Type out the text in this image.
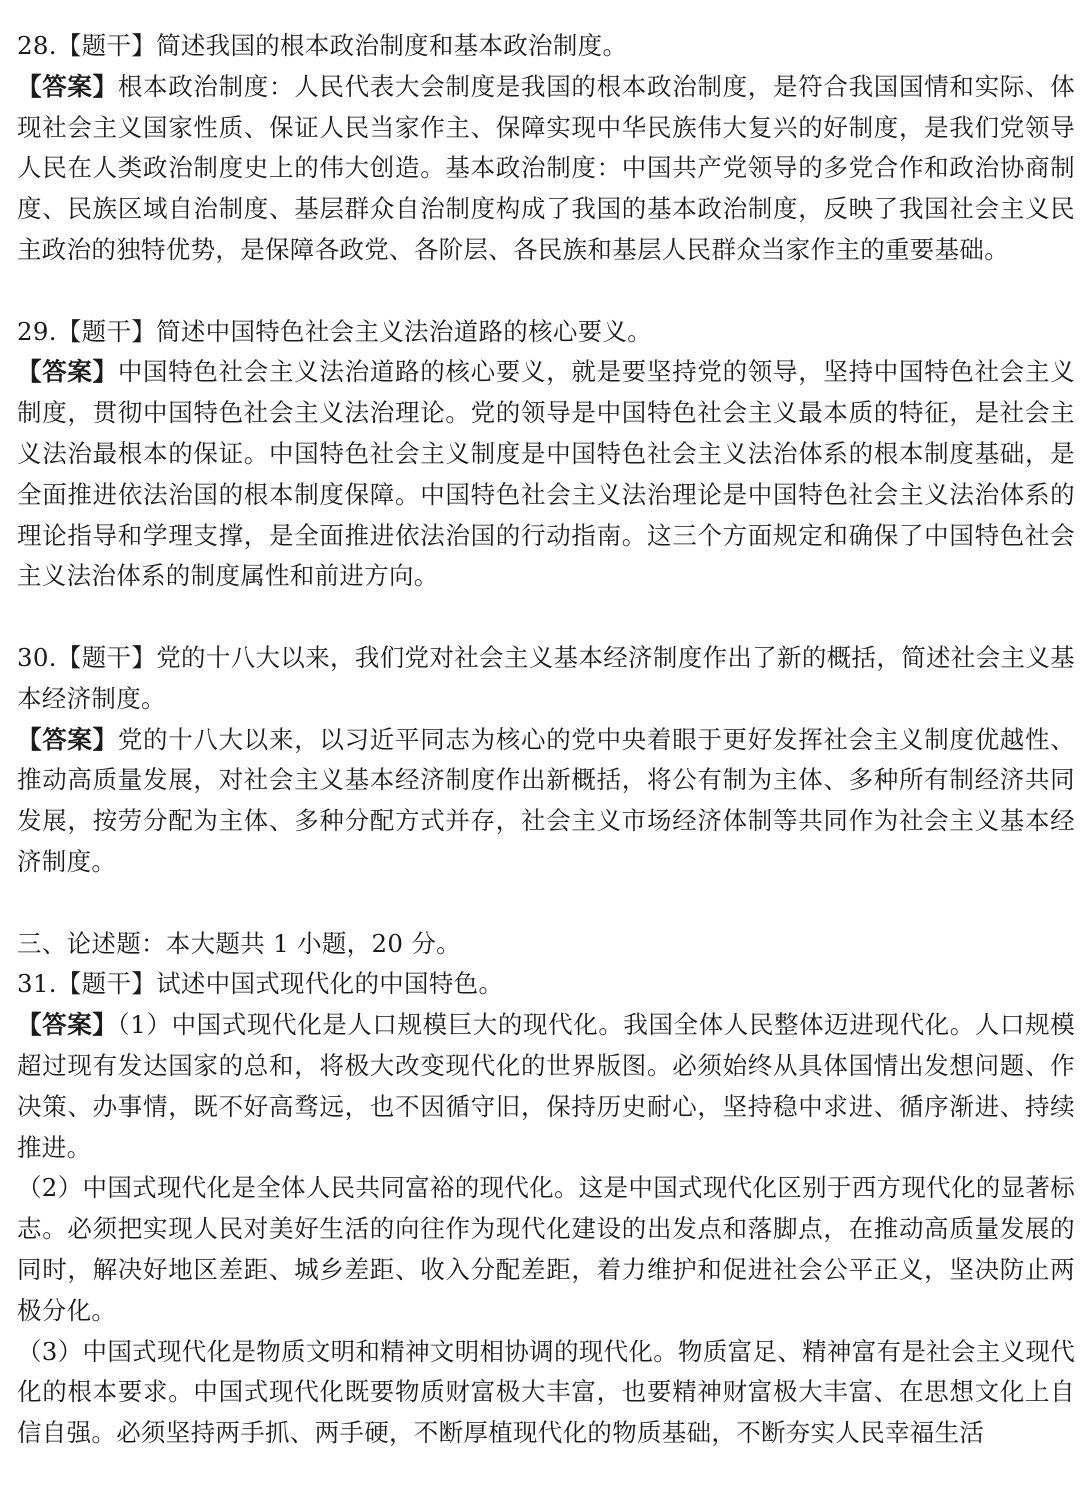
28.【题干】简述我国的根本政治制度和基本政治制度。

【答案】根本政治制度：人民代表大会制度是我国的根本政治制度，是符合我国国情和实际、体现社会主义国家性质、保证人民当家作主、保障实现中华民族伟大复兴的好制度，是我们党领导人民在人类政治制度史上的伟大创造。基本政治制度：中国共产党领导的多党合作和政治协商制度、民族区域自治制度、基层群众自治制度构成了我国的基本政治制度，反映了我国社会主义民主政治的独特优势，是保障各政党、各阶层、各民族和基层人民群众当家作主的重要基础。

29.【题干】简述中国特色社会主义法治道路的核心要义。

【答案】中国特色社会主义法治道路的核心要义，就是要坚持党的领导，坚持中国特色社会主义制度，贯彻中国特色社会主义法治理论。党的领导是中国特色社会主义最本质的特征，是社会主义法治最根本的保证。中国特色社会主义制度是中国特色社会主义法治体系的根本制度基础，是全面推进依法治国的根本制度保障。中国特色社会主义法治理论是中国特色社会主义法治体系的理论指导和学理支撑，是全面推进依法治国的行动指南。这三个方面规定和确保了中国特色社会主义法治体系的制度属性和前进方向。

30.【题干】党的十八大以来，我们党对社会主义基本经济制度作出了新的概括，简述社会主义基本经济制度。

【答案】党的十八大以来，以习近平同志为核心的党中央着眼于更好发挥社会主义制度优越性、推动高质量发展，对社会主义基本经济制度作出新概括，将公有制为主体、多种所有制经济共同发展，按劳分配为主体、多种分配方式并存，社会主义市场经济体制等共同作为社会主义基本经济制度。

三、论述题：本大题共 1 小题，20 分。

31.【题干】试述中国式现代化的中国特色。

【答案】（1）中国式现代化是人口规模巨大的现代化。我国全体人民整体迈进现代化。人口规模超过现有发达国家的总和，将极大改变现代化的世界版图。必须始终从具体国情出发想问题、作决策、办事情，既不好高骛远，也不因循守旧，保持历史耐心，坚持稳中求进、循序渐进、持续推进。

（2）中国式现代化是全体人民共同富裕的现代化。这是中国式现代化区别于西方现代化的显著标志。必须把实现人民对美好生活的向往作为现代化建设的出发点和落脚点，在推动高质量发展的同时，解决好地区差距、城乡差距、收入分配差距，着力维护和促进社会公平正义，坚决防止两极分化。

（3）中国式现代化是物质文明和精神文明相协调的现代化。物质富足、精神富有是社会主义现代化的根本要求。中国式现代化既要物质财富极大丰富，也要精神财富极大丰富、在思想文化上自信自强。必须坚持两手抓、两手硬，不断厚植现代化的物质基础，不断夯实人民幸福生活
